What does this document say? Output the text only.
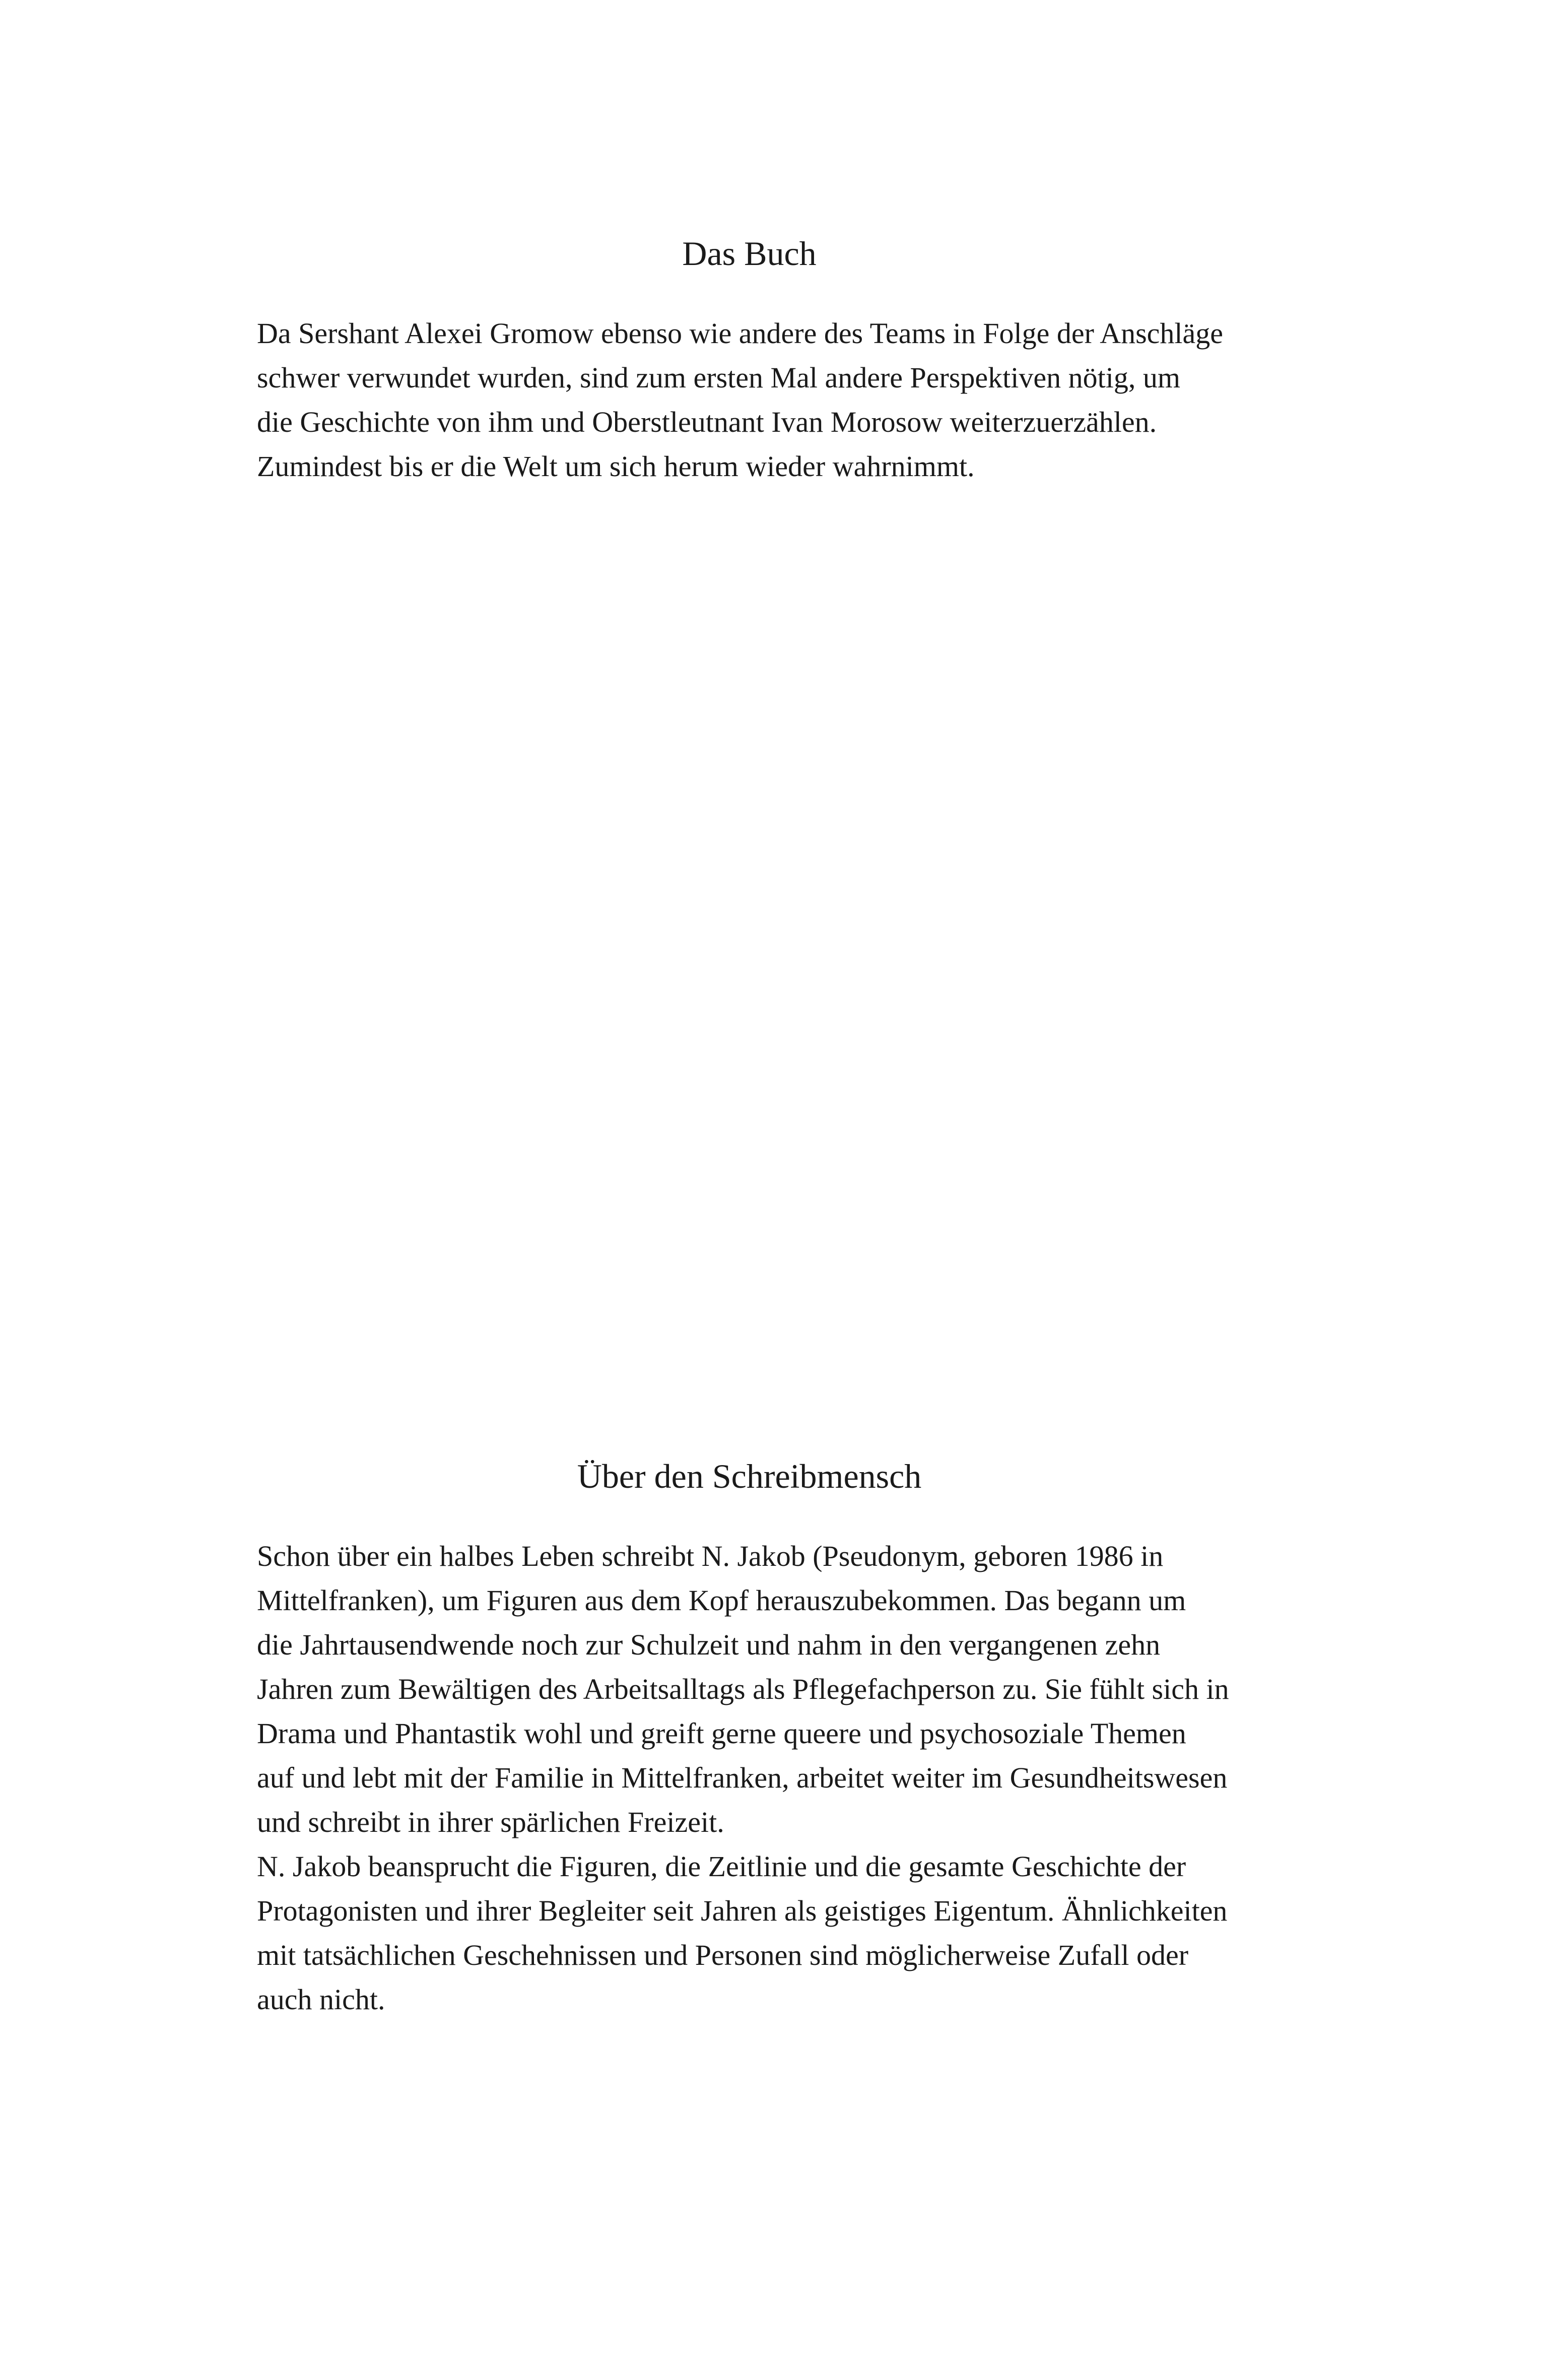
Das Buch

Da Sershant Alexei Gromow ebenso wie andere des Teams in Folge der Anschläge

schwer verwundet wurden, sind zum ersten Mal andere Perspektiven nötig, um

die Geschichte von ihm und Oberstleutnant Ivan Morosow weiterzuerzählen.

Zumindest bis er die Welt um sich herum wieder wahrnimmt.

Über den Schreibmensch

Schon über ein halbes Leben schreibt N. Jakob (Pseudonym, geboren 1986 in

Mittelfranken), um Figuren aus dem Kopf herauszubekommen. Das begann um

die Jahrtausendwende noch zur Schulzeit und nahm in den vergangenen zehn

Jahren zum Bewältigen des Arbeitsalltags als Pflegefachperson zu. Sie fühlt sich in

Drama und Phantastik wohl und greift gerne queere und psychosoziale Themen

auf und lebt mit der Familie in Mittelfranken, arbeitet weiter im Gesundheitswesen

und schreibt in ihrer spärlichen Freizeit.

N. Jakob beansprucht die Figuren, die Zeitlinie und die gesamte Geschichte der

Protagonisten und ihrer Begleiter seit Jahren als geistiges Eigentum. Ähnlichkeiten

mit tatsächlichen Geschehnissen und Personen sind möglicherweise Zufall oder

auch nicht.
